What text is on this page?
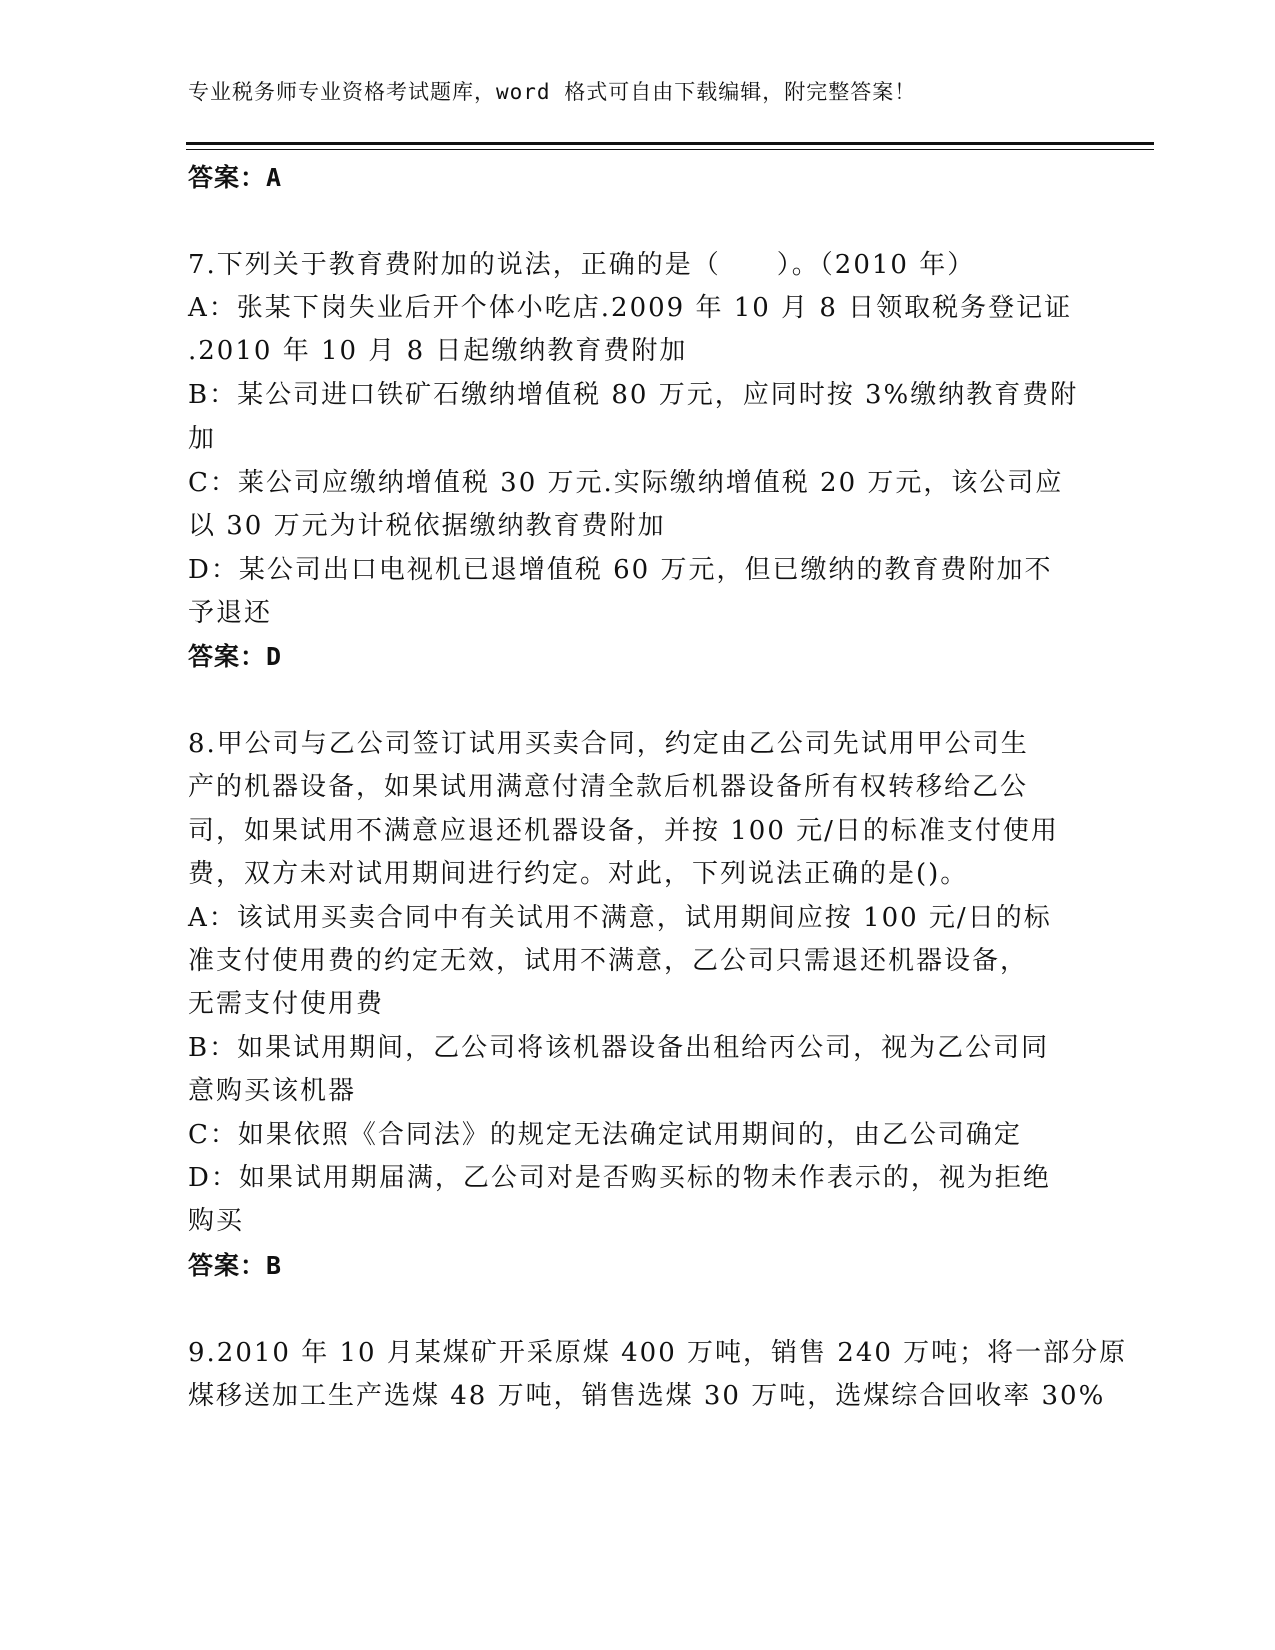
专业税务师专业资格考试题库，word 格式可自由下载编辑，附完整答案！
答案：A
7.下列关于教育费附加的说法，正确的是（　　）。（2010 年）
A：张某下岗失业后开个体小吃店.2009 年 10 月 8 日领取税务登记证
.2010 年 10 月 8 日起缴纳教育费附加
B：某公司进口铁矿石缴纳增值税 80 万元，应同时按 3%缴纳教育费附
加
C：莱公司应缴纳增值税 30 万元.实际缴纳增值税 20 万元，该公司应
以 30 万元为计税依据缴纳教育费附加
D：某公司出口电视机已退增值税 60 万元，但已缴纳的教育费附加不
予退还
答案：D
8.甲公司与乙公司签订试用买卖合同，约定由乙公司先试用甲公司生
产的机器设备，如果试用满意付清全款后机器设备所有权转移给乙公
司，如果试用不满意应退还机器设备，并按 100 元/日的标准支付使用
费，双方未对试用期间进行约定。对此，下列说法正确的是()。
A：该试用买卖合同中有关试用不满意，试用期间应按 100 元/日的标
准支付使用费的约定无效，试用不满意，乙公司只需退还机器设备，
无需支付使用费
B：如果试用期间，乙公司将该机器设备出租给丙公司，视为乙公司同
意购买该机器
C：如果依照《合同法》的规定无法确定试用期间的，由乙公司确定
D：如果试用期届满，乙公司对是否购买标的物未作表示的，视为拒绝
购买
答案：B
9.2010 年 10 月某煤矿开采原煤 400 万吨，销售 240 万吨；将一部分原
煤移送加工生产选煤 48 万吨，销售选煤 30 万吨，选煤综合回收率 30%
